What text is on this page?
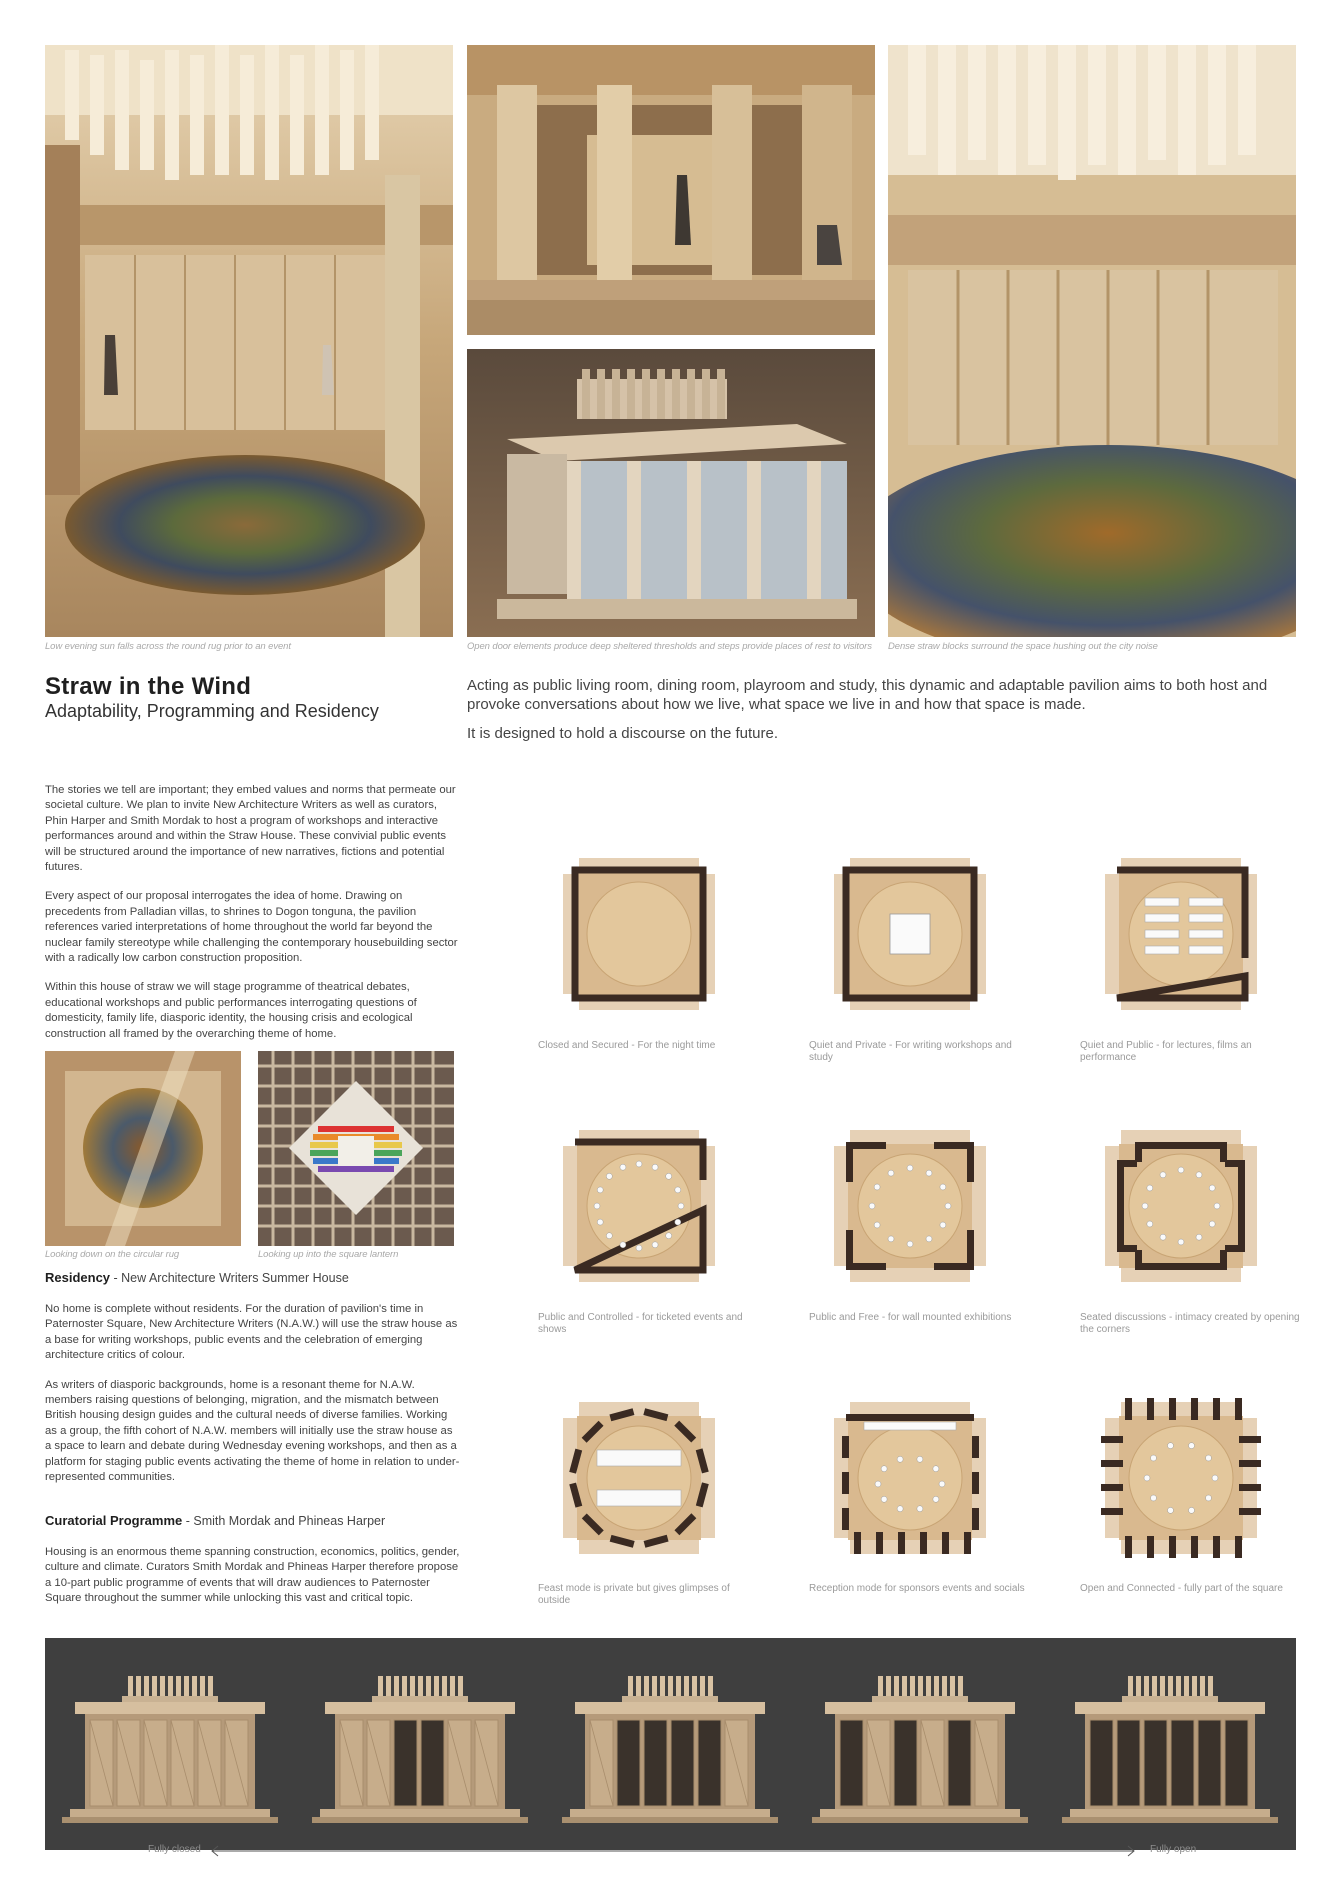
Low evening sun falls across the round rug prior to an event	Open door elements produce deep sheltered thresholds and steps provide places of rest to visitors Dense straw blocks surround the space hushing out the city noise
Straw in the Wind
Adaptability, Programming and Residency

Acting as public living room, dining room, playroom and study, this dynamic and adaptable pavilion aims to both host and provoke conversations about how we live, what space we live in and how that space is made.

It is designed to hold a discourse on the future.

The stories we tell are important; they embed values and norms that permeate our societal culture. We plan to invite New Architecture Writers as well as curators, Phin Harper and Smith Mordak to host a program of workshops and interactive performances around and within the Straw House. These convivial public events will be structured around the importance of new narratives, fictions and potential futures.

Every aspect of our proposal interrogates the idea of home. Drawing on precedents from Palladian villas, to shrines to Dogon tonguna, the pavilion references varied interpretations of home throughout the world far beyond the nuclear family stereotype while challenging the contemporary housebuilding sector with a radically low carbon construction proposition.

Within this house of straw we will stage programme of theatrical debates, educational workshops and public performances interrogating questions of domesticity, family life, diasporic identity, the housing crisis and ecological construction all framed by the overarching theme of home.

Looking down on the circular rug	Looking up into the square lantern
Residency - New Architecture Writers Summer House

No home is complete without residents. For the duration of pavilion's time in Paternoster Square, New Architecture Writers (N.A.W.) will use the straw house as a base for writing workshops, public events and the celebration of emerging architecture critics of colour.

As writers of diasporic backgrounds, home is a resonant theme for N.A.W. members raising questions of belonging, migration, and the mismatch between British housing design guides and the cultural needs of diverse families. Working as a group, the fifth cohort of N.A.W. members will initially use the straw house as a space to learn and debate during Wednesday evening workshops, and then as a platform for staging public events activating the theme of home in relation to under-represented communities.

Curatorial Programme - Smith Mordak and Phineas Harper

Housing is an enormous theme spanning construction, economics, politics, gender, culture and climate. Curators Smith Mordak and Phineas Harper therefore propose a 10-part public programme of events that will draw audiences to Paternoster Square throughout the summer while unlocking this vast and critical topic.

Closed and Secured - For the night time	Quiet and Private - For writing workshops and study
Quiet and Public - for lectures, films an performance
Public and Controlled - for ticketed events and shows
Public and Free - for wall mounted exhibitions	Seated discussions - intimacy created by opening the corners
Feast mode is private but gives glimpses of outside
Reception mode for sponsors events and socials	Open and Connected - fully part of the square
Fully closed	Fully open
